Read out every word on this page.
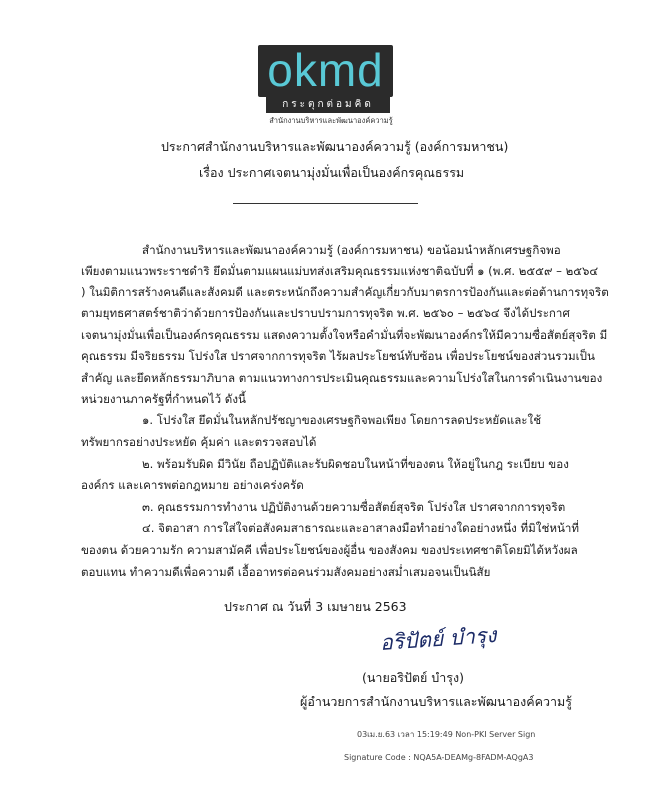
okmd
กระตุกต่อมคิด
สำนักงานบริหารและพัฒนาองค์ความรู้
ประกาศสำนักงานบริหารและพัฒนาองค์ความรู้ (องค์การมหาชน)
เรื่อง ประกาศเจตนามุ่งมั่นเพื่อเป็นองค์กรคุณธรรม
สำนักงานบริหารและพัฒนาองค์ความรู้ (องค์การมหาชน) ขอน้อมนำหลักเศรษฐกิจพอ
เพียงตามแนวพระราชดำริ ยึดมั่นตามแผนแม่บทส่งเสริมคุณธรรมแห่งชาติฉบับที่ ๑ (พ.ศ. ๒๕๕๙ – ๒๕๖๔
) ในมิติการสร้างคนดีและสังคมดี และตระหนักถึงความสำคัญเกี่ยวกับมาตรการป้องกันและต่อต้านการทุจริต
ตามยุทธศาสตร์ชาติว่าด้วยการป้องกันและปราบปรามการทุจริต พ.ศ. ๒๕๖๐ – ๒๕๖๔ จึงได้ประกาศ
เจตนามุ่งมั่นเพื่อเป็นองค์กรคุณธรรม แสดงความตั้งใจหรือคำมั่นที่จะพัฒนาองค์กรให้มีความซื่อสัตย์สุจริต มี
คุณธรรม มีจริยธรรม โปร่งใส ปราศจากการทุจริต ไร้ผลประโยชน์ทับซ้อน เพื่อประโยชน์ของส่วนรวมเป็น
สำคัญ และยึดหลักธรรมาภิบาล ตามแนวทางการประเมินคุณธรรมและความโปร่งใสในการดำเนินงานของ
หน่วยงานภาครัฐที่กำหนดไว้ ดังนี้
๑. โปร่งใส ยึดมั่นในหลักปรัชญาของเศรษฐกิจพอเพียง โดยการลดประหยัดและใช้
ทรัพยากรอย่างประหยัด คุ้มค่า และตรวจสอบได้
๒. พร้อมรับผิด มีวินัย ถือปฏิบัติและรับผิดชอบในหน้าที่ของตน ให้อยู่ในกฎ ระเบียบ ของ
องค์กร และเคารพต่อกฎหมาย อย่างเคร่งครัด
๓. คุณธรรมการทำงาน ปฏิบัติงานด้วยความซื่อสัตย์สุจริต โปร่งใส ปราศจากการทุจริต
๔. จิตอาสา การใส่ใจต่อสังคมสาธารณะและอาสาลงมือทำอย่างใดอย่างหนึ่ง ที่มิใช่หน้าที่
ของตน ด้วยความรัก ความสามัคคี เพื่อประโยชน์ของผู้อื่น ของสังคม ของประเทศชาติโดยมิได้หวังผล
ตอบแทน ทำความดีเพื่อความดี เอื้ออาทรต่อคนร่วมสังคมอย่างสม่ำเสมอจนเป็นนิสัย
ประกาศ ณ วันที่ 3 เมษายน 2563
อริปัตย์ บำรุง
(นายอริปัตย์ บำรุง)
ผู้อำนวยการสำนักงานบริหารและพัฒนาองค์ความรู้
03เม.ย.63 เวลา 15:19:49 Non-PKI Server Sign
Signature Code : NQA5A-DEAMg-8FADM-AQgA3
